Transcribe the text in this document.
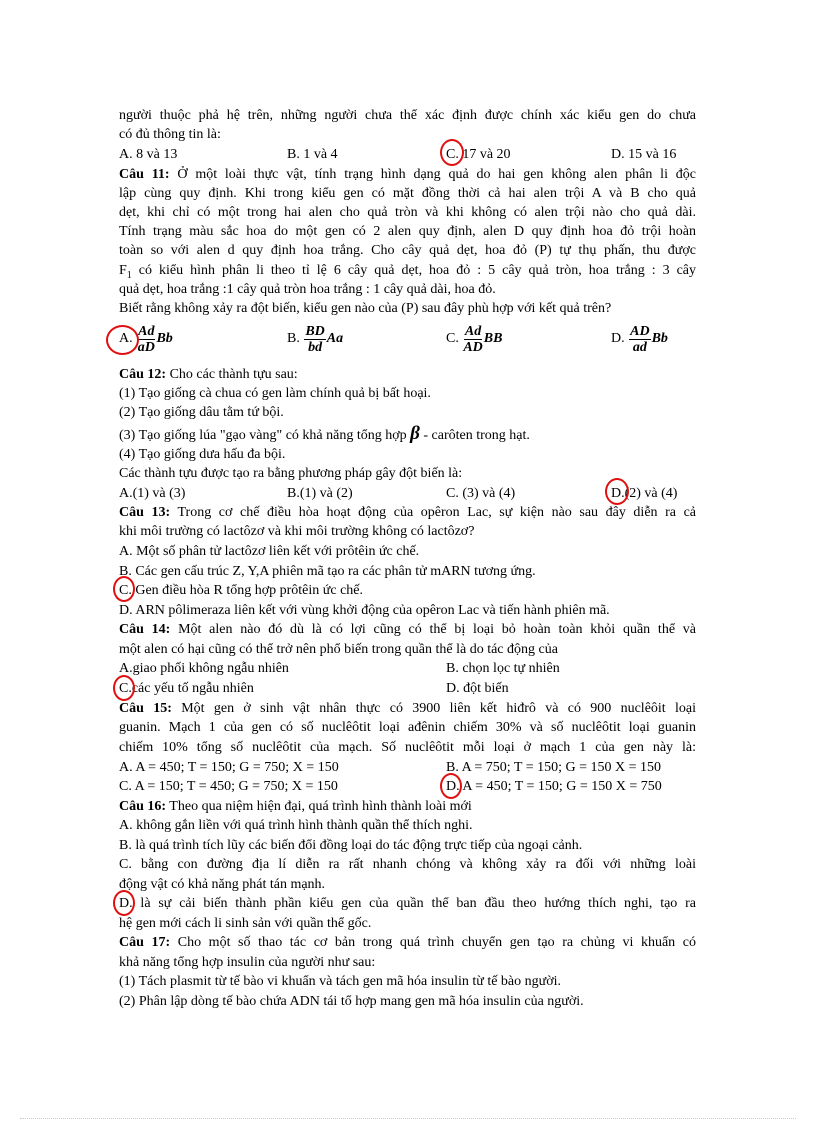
người thuộc phả hệ trên, những người chưa thể xác định được chính xác kiểu gen do chưa
có đủ thông tin là:
A. 8 và 13	B. 1 và 4	C. 17 và 20	D. 15 và 16
Câu 11: Ở một loài thực vật, tính trạng hình dạng quả do hai gen không alen phân li độc
lập cùng quy định. Khi trong kiểu gen có mặt đồng thời cả hai alen trội A và B cho quả
dẹt, khi chỉ có một trong hai alen cho quả tròn và khi không có alen trội nào cho quả dài.
Tính trạng màu sắc hoa do một gen có 2 alen quy định, alen D quy định hoa đỏ trội hoàn
toàn so với alen d quy định hoa trắng. Cho cây quả dẹt, hoa đỏ (P) tự thụ phấn, thu được
$F_1$ có kiểu hình phân li theo tỉ lệ 6 cây quả dẹt, hoa đỏ : 5 cây quả tròn, hoa trắng : 3 cây
quả dẹt, hoa trắng :1 cây quả tròn hoa trắng : 1 cây quả dài, hoa đỏ.
Biết rằng không xảy ra đột biến, kiểu gen nào của (P) sau đây phù hợp với kết quả trên?
A. $\frac{Ad}{aD}$ Bb	B. $\frac{BD}{bd}$ Aa	C. $\frac{Ad}{AD}$ BB	D. $\frac{AD}{ad}$ Bb
Câu 12: Cho các thành tựu sau:
(1) Tạo giống cà chua có gen làm chính quả bị bất hoại.
(2) Tạo giống dâu tằm tứ bội.
(3) Tạo giống lúa "gạo vàng" có khả năng tổng hợp β - carôten trong hạt.
(4) Tạo giống dưa hấu đa bội.
Các thành tựu được tạo ra bằng phương pháp gây đột biến là:
A.(1) và (3)	B.(1) và (2)	C. (3) và (4)	D.(2) và (4)
Câu 13: Trong cơ chế điều hòa hoạt động của opêron Lac, sự kiện nào sau đây diễn ra cả
khi môi trường có lactôzơ và khi môi trường không có lactôzơ?
A. Một số phân tử lactôzơ liên kết với prôtêin ức chế.
B. Các gen cấu trúc Z, Y,A phiên mã tạo ra các phân tử mARN tương ứng.
C. Gen điều hòa R tổng hợp prôtêin ức chế.
D. ARN pôlimeraza liên kết với vùng khởi động của opêron Lac và tiến hành phiên mã.
Câu 14: Một alen nào đó dù là có lợi cũng có thể bị loại bỏ hoàn toàn khỏi quần thể và
một alen có hại cũng có thể trở nên phổ biến trong quần thể là do tác động của
A.giao phối không ngẫu nhiên	B. chọn lọc tự nhiên
C.các yếu tố ngẫu nhiên	D. đột biến
Câu 15: Một gen ở sinh vật nhân thực có 3900 liên kết hiđrô và có 900 nuclêôit loại
guanin. Mạch 1 của gen có số nuclêôtit loại ađênin chiếm 30% và số nuclêôtit loại guanin
chiếm 10% tổng số nuclêôtit của mạch. Số nuclêôtit mỗi loại ở mạch 1 của gen này là:
A. A = 450; T = 150; G = 750; X = 150	B. A = 750; T = 150; G = 150 X = 150
C. A = 150; T = 450; G = 750; X = 150	D. A = 450; T = 150; G = 150 X = 750
Câu 16: Theo qua niệm hiện đại, quá trình hình thành loài mới
A. không gắn liền với quá trình hình thành quần thể thích nghi.
B. là quá trình tích lũy các biến đổi đồng loại do tác động trực tiếp của ngoại cảnh.
C. bằng con đường địa lí diễn ra rất nhanh chóng và không xảy ra đối với những loài
động vật có khả năng phát tán mạnh.
D. là sự cải biến thành phần kiểu gen của quần thể ban đầu theo hướng thích nghi, tạo ra
hệ gen mới cách li sinh sản với quần thể gốc.
Câu 17: Cho một số thao tác cơ bản trong quá trình chuyển gen tạo ra chủng vi khuẩn có
khả năng tổng hợp insulin của người như sau:
(1) Tách plasmit từ tế bào vi khuẩn và tách gen mã hóa insulin từ tế bào người.
(2) Phân lập dòng tế bào chứa ADN tái tổ hợp mang gen mã hóa insulin của người.
